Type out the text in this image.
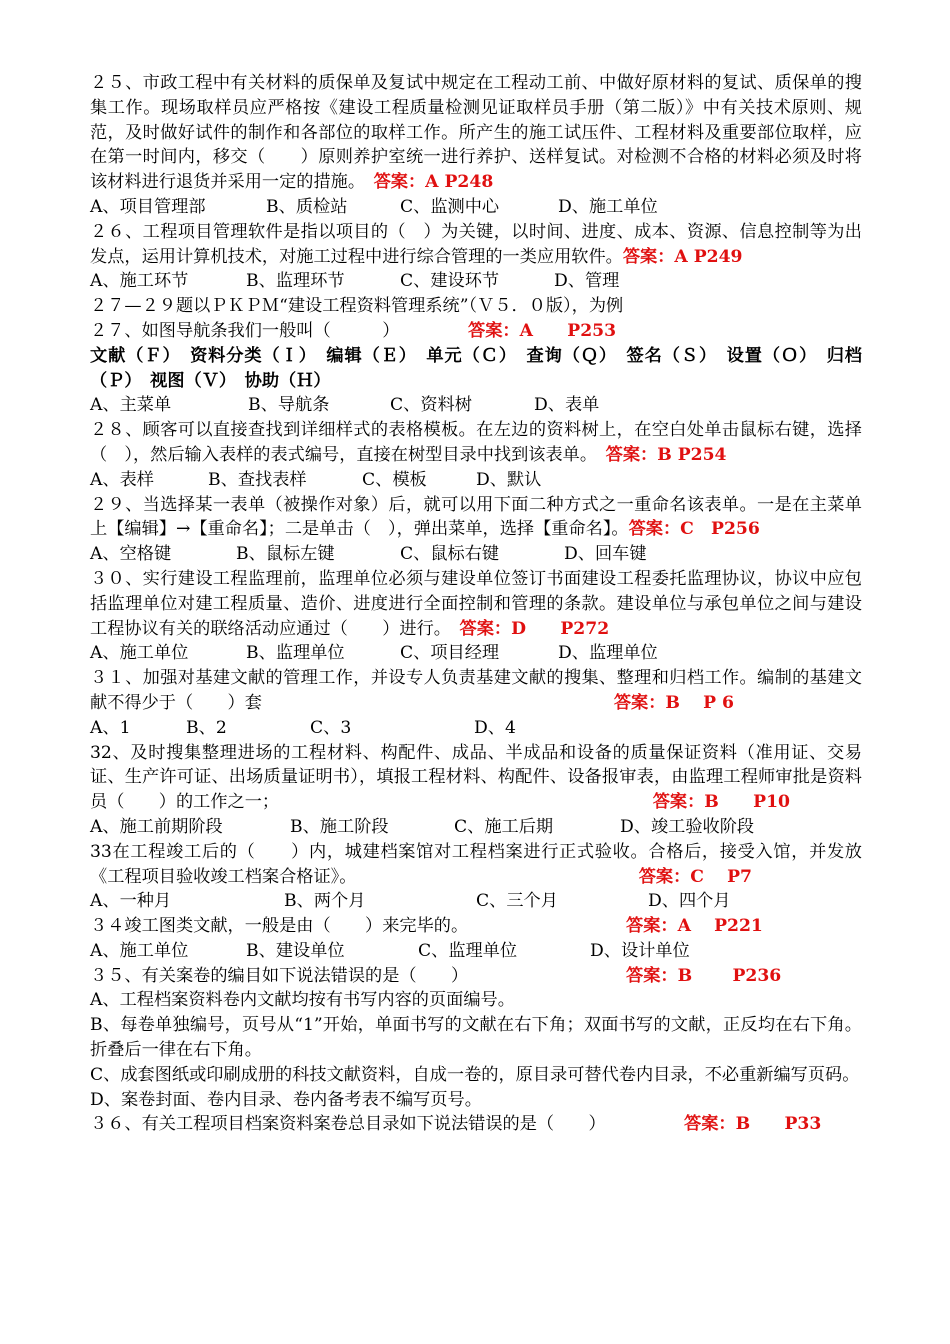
２５、市政工程中有关材料的质保单及复试中规定在工程动工前、中做好原材料的复试、质保单的搜集工作。现场取样员应严格按《建设工程质量检测见证取样员手册（第二版）》中有关技术原则、规范，及时做好试件的制作和各部位的取样工作。所产生的施工试压件、工程材料及重要部位取样，应在第一时间内，移交（　　）原则养护室统一进行养护、送样复试。对检测不合格的材料必须及时将该材料进行退货并采用一定的措施。　答案：A P248

A、项目管理部	B、质检站	C、监测中心	D、施工单位

２６、工程项目管理软件是指以项目的（　）为关键，以时间、进度、成本、资源、信息控制等为出发点，运用计算机技术，对施工过程中进行综合管理的一类应用软件。答案：A P249

A、施工环节	B、监理环节	C、建设环节	D、管理

２７—２９题以ＰＫＰＭ“建设工程资料管理系统”（Ｖ５．０版），为例

２７、如图导航条我们一般叫（　　　）	答案：A　　P253

文献（Ｆ）　资料分类（Ｉ）　编辑（Ｅ）　单元（Ｃ）　查询（Ｑ）　签名（Ｓ）　设置（Ｏ）　归档（Ｐ）　视图（Ｖ）　协助（Ｈ）

A、主菜单	B、导航条	C、资料树	D、表单

２８、顾客可以直接查找到详细样式的表格模板。在左边的资料树上，在空白处单击鼠标右键，选择（　），然后输入表样的表式编号，直接在树型目录中找到该表单。　答案：B P254

A、表样	B、查找表样	C、模板	D、默认

２９、当选择某一表单（被操作对象）后，就可以用下面二种方式之一重命名该表单。一是在主菜单上【编辑】→【重命名】；二是单击（　），弹出菜单，选择【重命名】。答案：C　P256

A、空格键	B、鼠标左键	C、鼠标右键	D、回车键

３０、实行建设工程监理前，监理单位必须与建设单位签订书面建设工程委托监理协议，协议中应包括监理单位对建工程质量、造价、进度进行全面控制和管理的条款。建设单位与承包单位之间与建设工程协议有关的联络活动应通过（　　）进行。　答案：D　　P272

A、施工单位	B、监理单位	C、项目经理	D、监理单位

３１、加强对基建文献的管理工作，并设专人负责基建文献的搜集、整理和归档工作。编制的基建文献不得少于（　　）套	答案：B　 P 6
A、1	B、2	C、3	D、4

32、及时搜集整理进场的工程材料、构配件、成品、半成品和设备的质量保证资料（准用证、交易证、生产许可证、出场质量证明书），填报工程材料、构配件、设备报审表，由监理工程师审批是资料员（　　）的工作之一；	答案：B　　P10
A、施工前期阶段	B、施工阶段	C、施工后期	D、竣工验收阶段

33在工程竣工后的（　　）内，城建档案馆对工程档案进行正式验收。合格后，接受入馆，并发放《工程项目验收竣工档案合格证》。	答案：C　 P7
A、一种月	B、两个月	C、三个月	D、四个月
３４竣工图类文献，一般是由（　　）来完毕的。	答案：A　 P221
A、施工单位	B、建设单位	C、监理单位	D、设计单位
３５、有关案卷的编目如下说法错误的是（　　）	答案：B　　 P236

A、工程档案资料卷内文献均按有书写内容的页面编号。

B、每卷单独编号，页号从“1”开始，单面书写的文献在右下角；双面书写的文献，正反均在右下角。折叠后一律在右下角。

C、成套图纸或印刷成册的科技文献资料，自成一卷的，原目录可替代卷内目录，不必重新编写页码。

D、案卷封面、卷内目录、卷内备考表不编写页号。

３６、有关工程项目档案资料案卷总目录如下说法错误的是（　　）	答案：B　　P33
